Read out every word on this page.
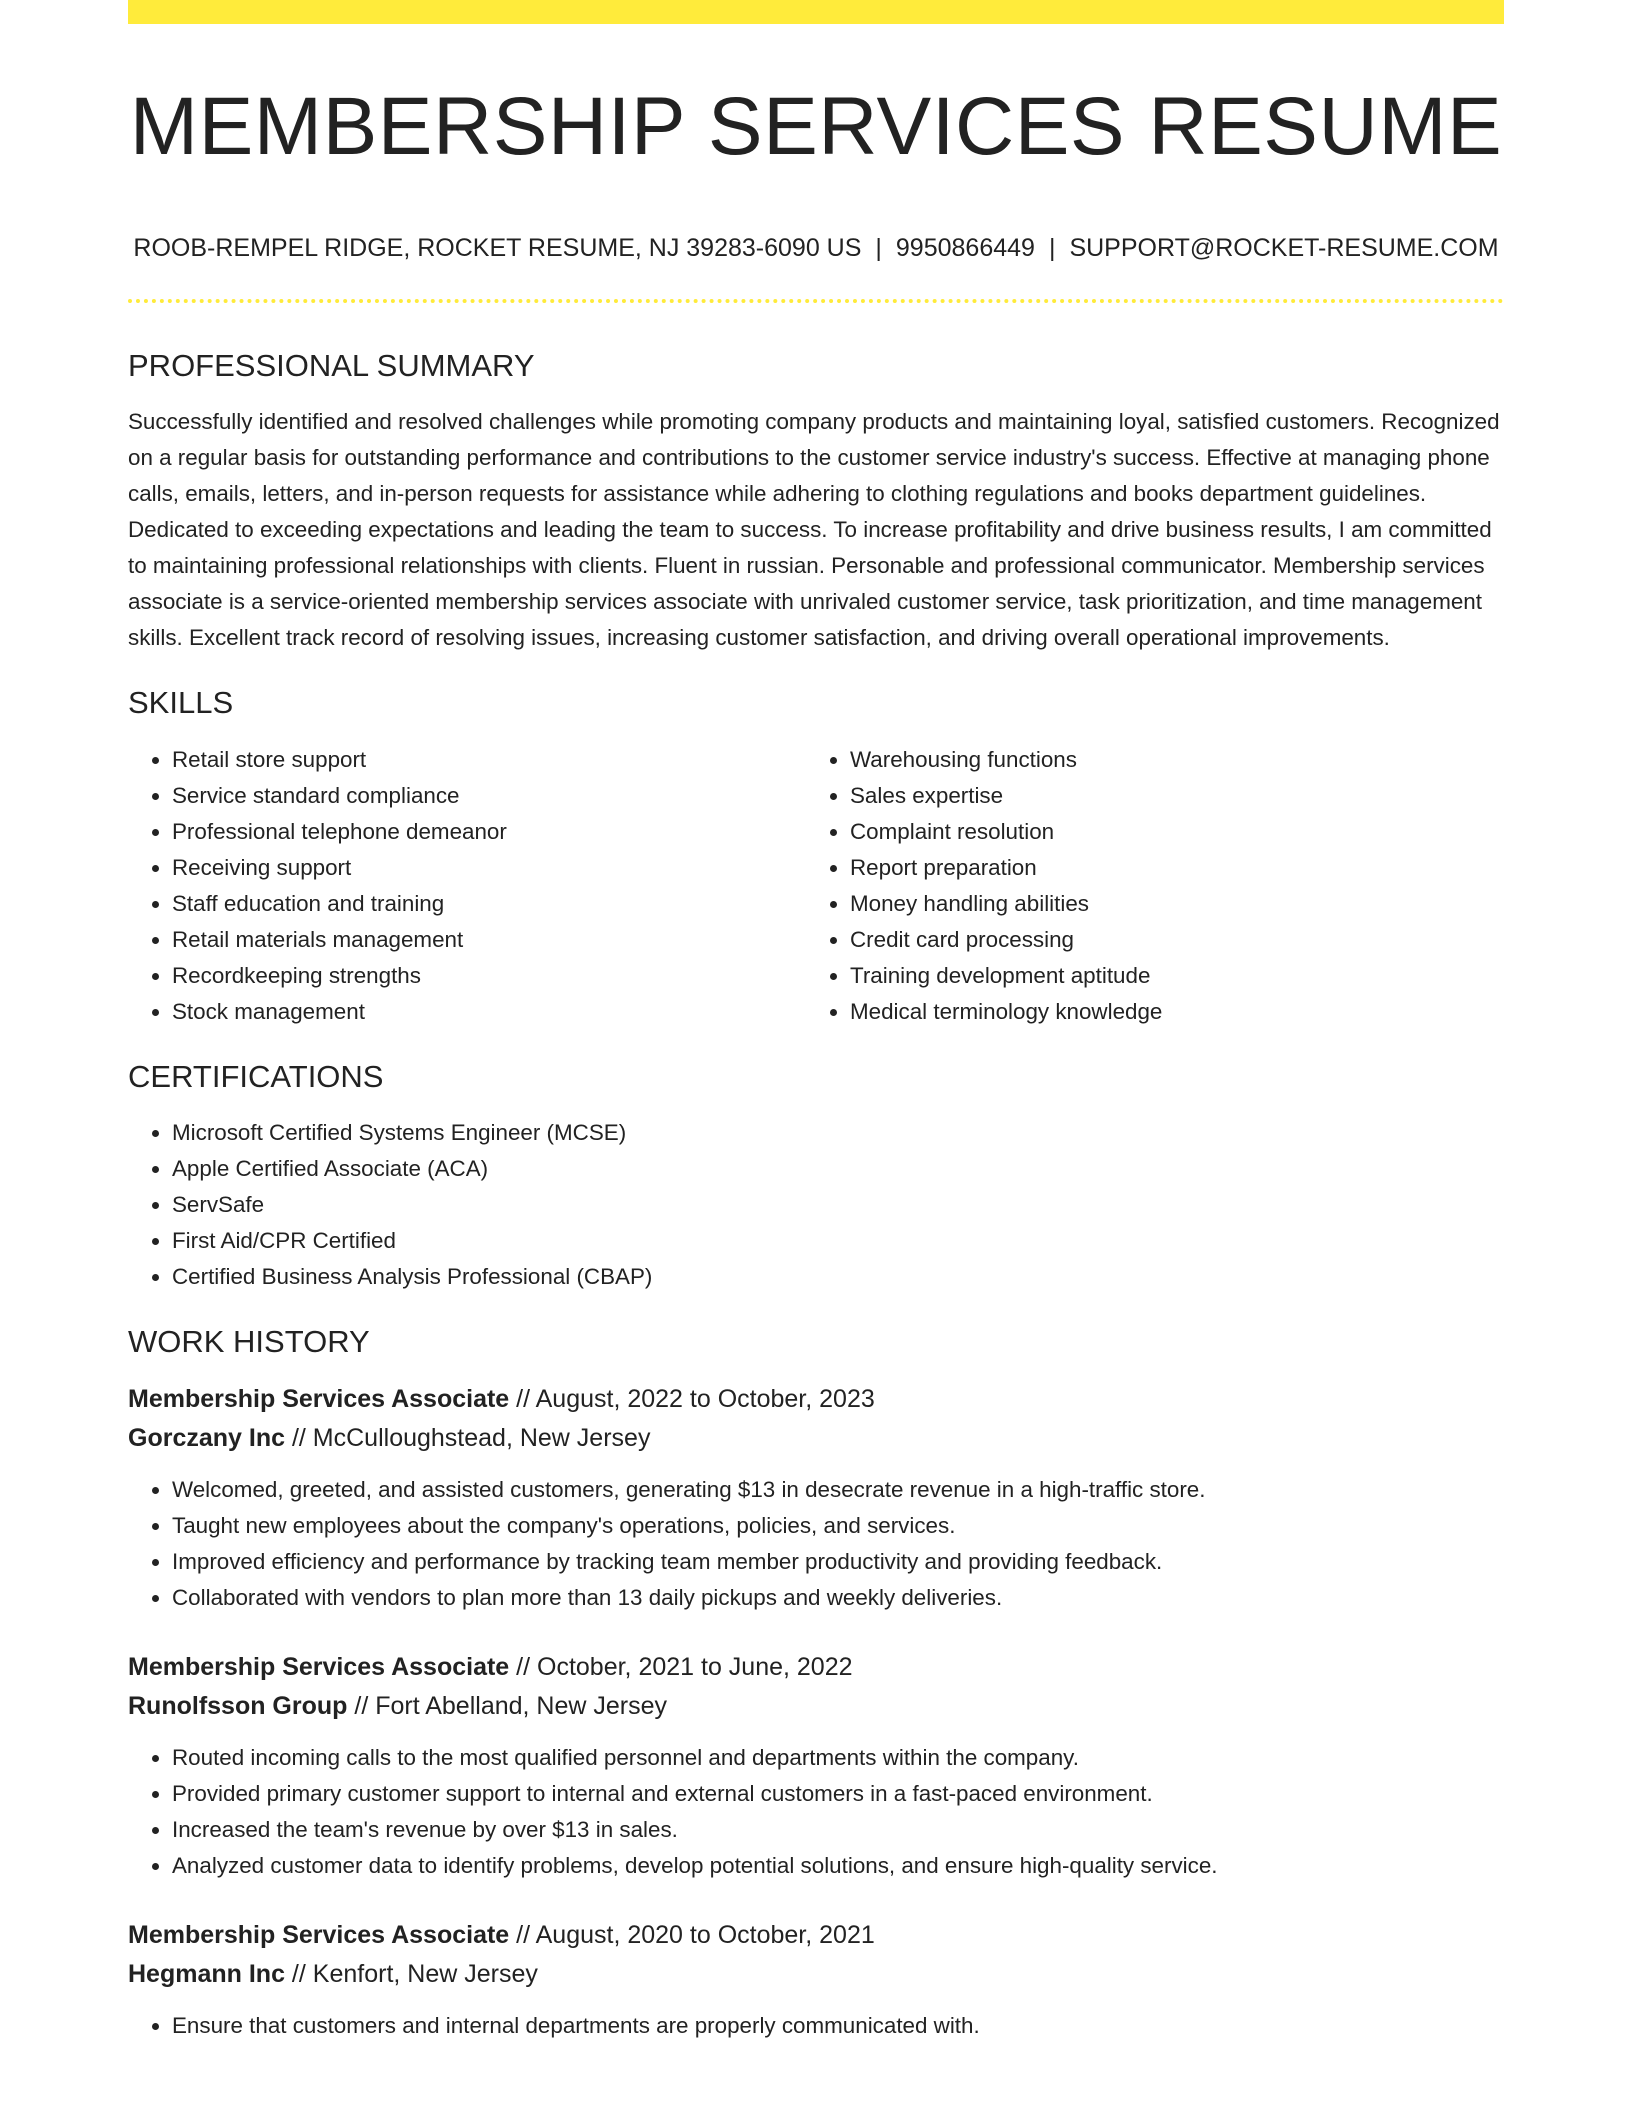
MEMBERSHIP SERVICES RESUME
ROOB-REMPEL RIDGE, ROCKET RESUME, NJ 39283-6090 US | 9950866449 | SUPPORT@ROCKET-RESUME.COM
PROFESSIONAL SUMMARY

Successfully identified and resolved challenges while promoting company products and maintaining loyal, satisfied customers. Recognized on a regular basis for outstanding performance and contributions to the customer service industry's success. Effective at managing phone calls, emails, letters, and in-person requests for assistance while adhering to clothing regulations and books department guidelines. Dedicated to exceeding expectations and leading the team to success. To increase profitability and drive business results, I am committed to maintaining professional relationships with clients. Fluent in russian. Personable and professional communicator. Membership services associate is a service-oriented membership services associate with unrivaled customer service, task prioritization, and time management skills. Excellent track record of resolving issues, increasing customer satisfaction, and driving overall operational improvements.

SKILLS
• Retail store support
• Service standard compliance
• Professional telephone demeanor
• Receiving support
• Staff education and training
• Retail materials management
• Recordkeeping strengths
• Stock management
• Warehousing functions
• Sales expertise
• Complaint resolution
• Report preparation
• Money handling abilities
• Credit card processing
• Training development aptitude
• Medical terminology knowledge
CERTIFICATIONS
• Microsoft Certified Systems Engineer (MCSE)
• Apple Certified Associate (ACA)
• ServSafe
• First Aid/CPR Certified
• Certified Business Analysis Professional (CBAP)
WORK HISTORY
Membership Services Associate // August, 2022 to October, 2023
Gorczany Inc // McCulloughstead, New Jersey
• Welcomed, greeted, and assisted customers, generating $13 in desecrate revenue in a high-traffic store.
• Taught new employees about the company's operations, policies, and services.
• Improved efficiency and performance by tracking team member productivity and providing feedback.
• Collaborated with vendors to plan more than 13 daily pickups and weekly deliveries.
Membership Services Associate // October, 2021 to June, 2022
Runolfsson Group // Fort Abelland, New Jersey
• Routed incoming calls to the most qualified personnel and departments within the company.
• Provided primary customer support to internal and external customers in a fast-paced environment.
• Increased the team's revenue by over $13 in sales.
• Analyzed customer data to identify problems, develop potential solutions, and ensure high-quality service.
Membership Services Associate // August, 2020 to October, 2021
Hegmann Inc // Kenfort, New Jersey
• Ensure that customers and internal departments are properly communicated with.
